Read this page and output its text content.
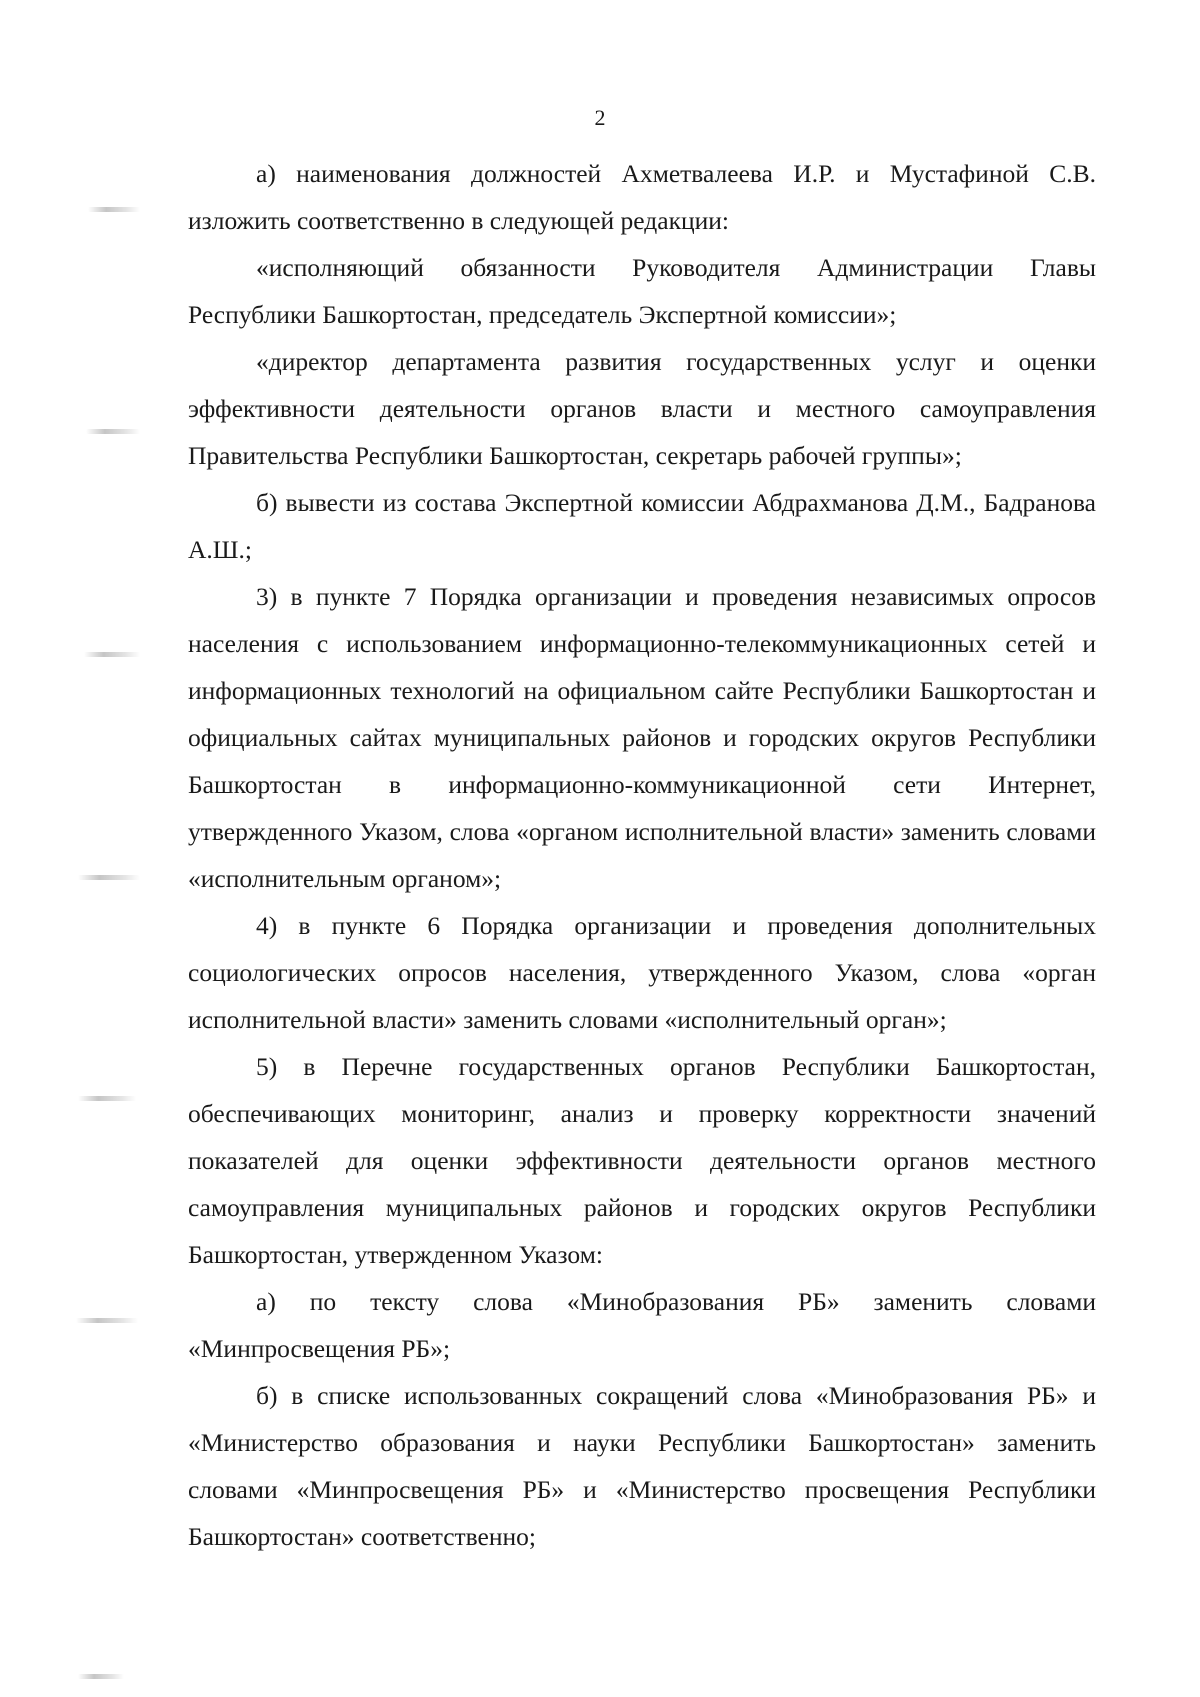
2

а) наименования должностей Ахметвалеева И.Р. и Мустафиной С.В. изложить соответственно в следующей редакции:

«исполняющий обязанности Руководителя Администрации Главы Республики Башкортостан, председатель Экспертной комиссии»;

«директор департамента развития государственных услуг и оценки эффективности деятельности органов власти и местного самоуправления Правительства Республики Башкортостан, секретарь рабочей группы»;

б) вывести из состава Экспертной комиссии Абдрахманова Д.М., Бадранова А.Ш.;

3) в пункте 7 Порядка организации и проведения независимых опросов населения с использованием информационно-телекоммуникационных сетей и информационных технологий на официальном сайте Республики Башкортостан и официальных сайтах муниципальных районов и городских округов Республики Башкортостан в информационно-коммуникационной сети Интернет, утвержденного Указом, слова «органом исполнительной власти» заменить словами «исполнительным органом»;

4) в пункте 6 Порядка организации и проведения дополнительных социологических опросов населения, утвержденного Указом, слова «орган исполнительной власти» заменить словами «исполнительный орган»;

5) в Перечне государственных органов Республики Башкортостан, обеспечивающих мониторинг, анализ и проверку корректности значений показателей для оценки эффективности деятельности органов местного самоуправления муниципальных районов и городских округов Республики Башкортостан, утвержденном Указом:

а) по тексту слова «Минобразования РБ» заменить словами «Минпросвещения РБ»;

б) в списке использованных сокращений слова «Минобразования РБ» и «Министерство образования и науки Республики Башкортостан» заменить словами «Минпросвещения РБ» и «Министерство просвещения Республики Башкортостан» соответственно;
